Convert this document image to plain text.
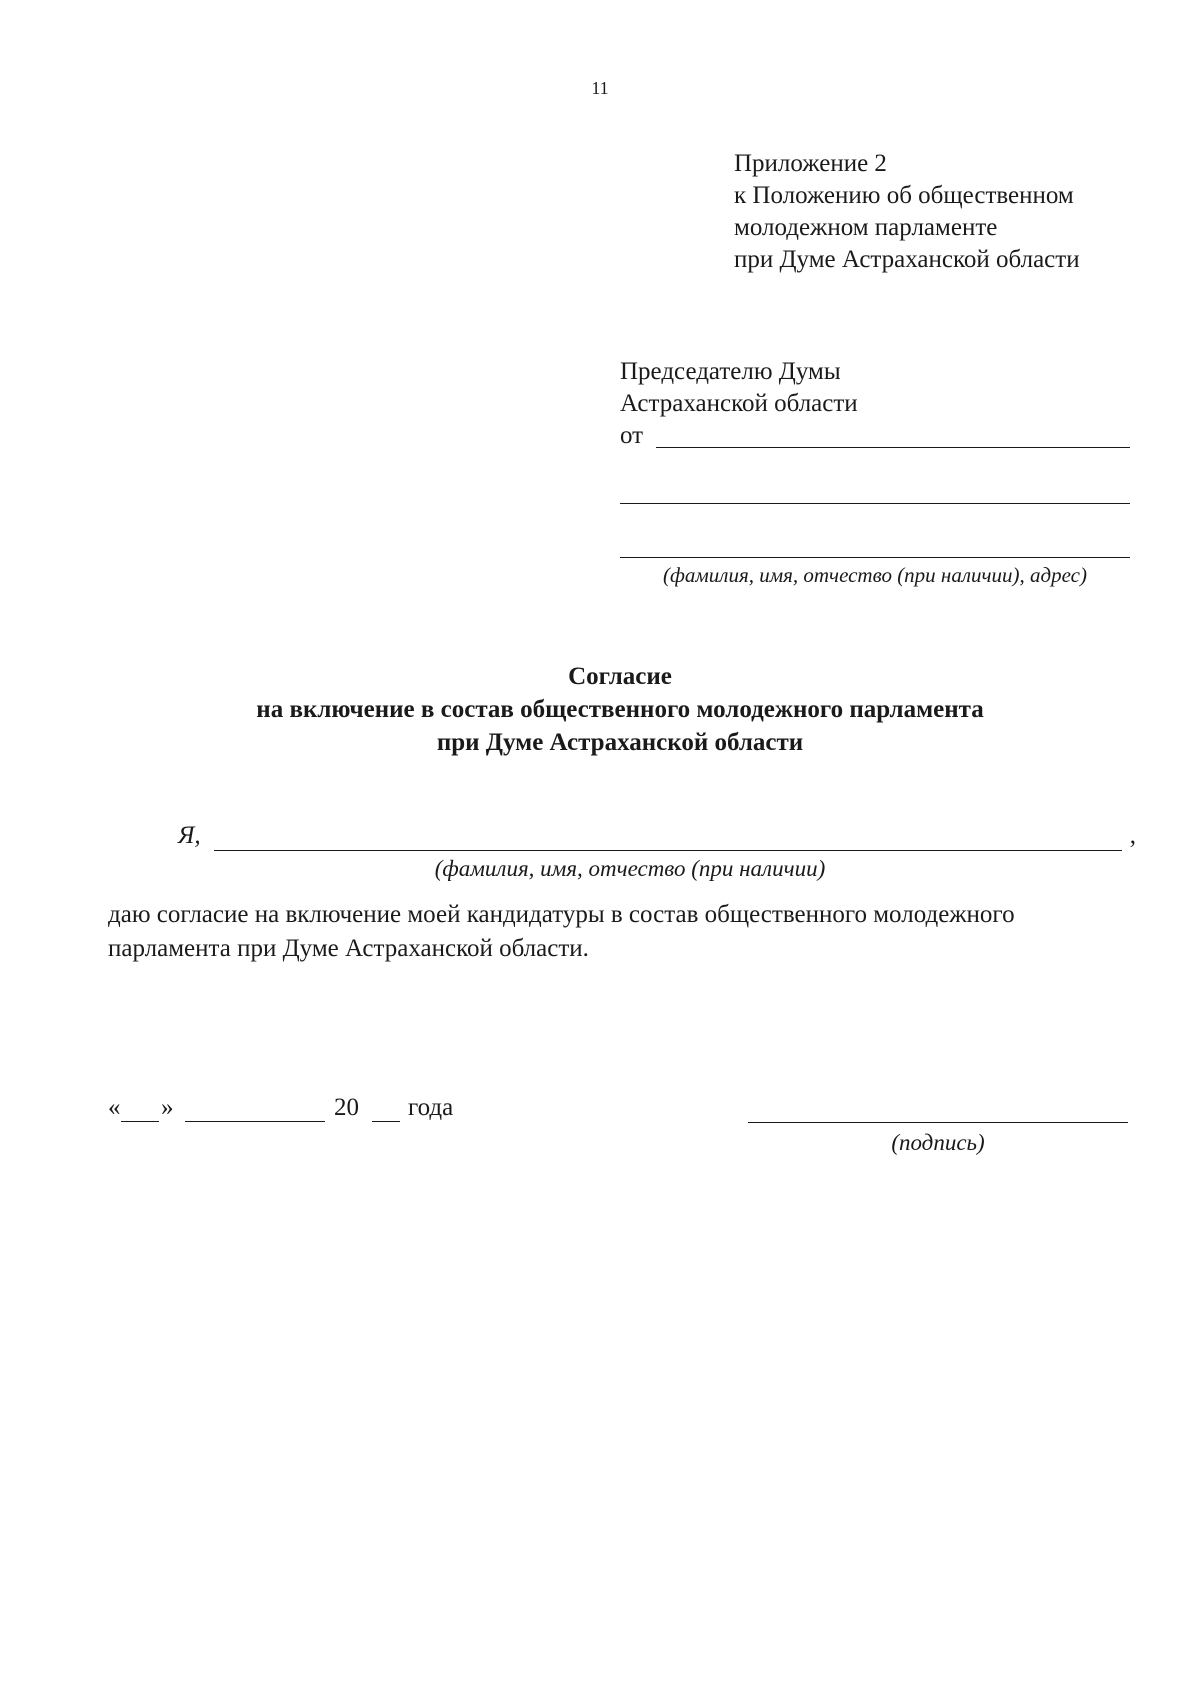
11
Приложение 2
к Положению об общественном
молодежном парламенте
при Думе Астраханской области
Председателю Думы
Астраханской области
от
(фамилия, имя, отчество (при наличии), адрес)
Согласие
на включение в состав общественного молодежного парламента
при Думе Астраханской области
Я,	,
(фамилия, имя, отчество (при наличии)
даю согласие на включение моей кандидатуры в состав общественного молодежного
парламента при Думе Астраханской области.
« »	20 года
(подпись)
